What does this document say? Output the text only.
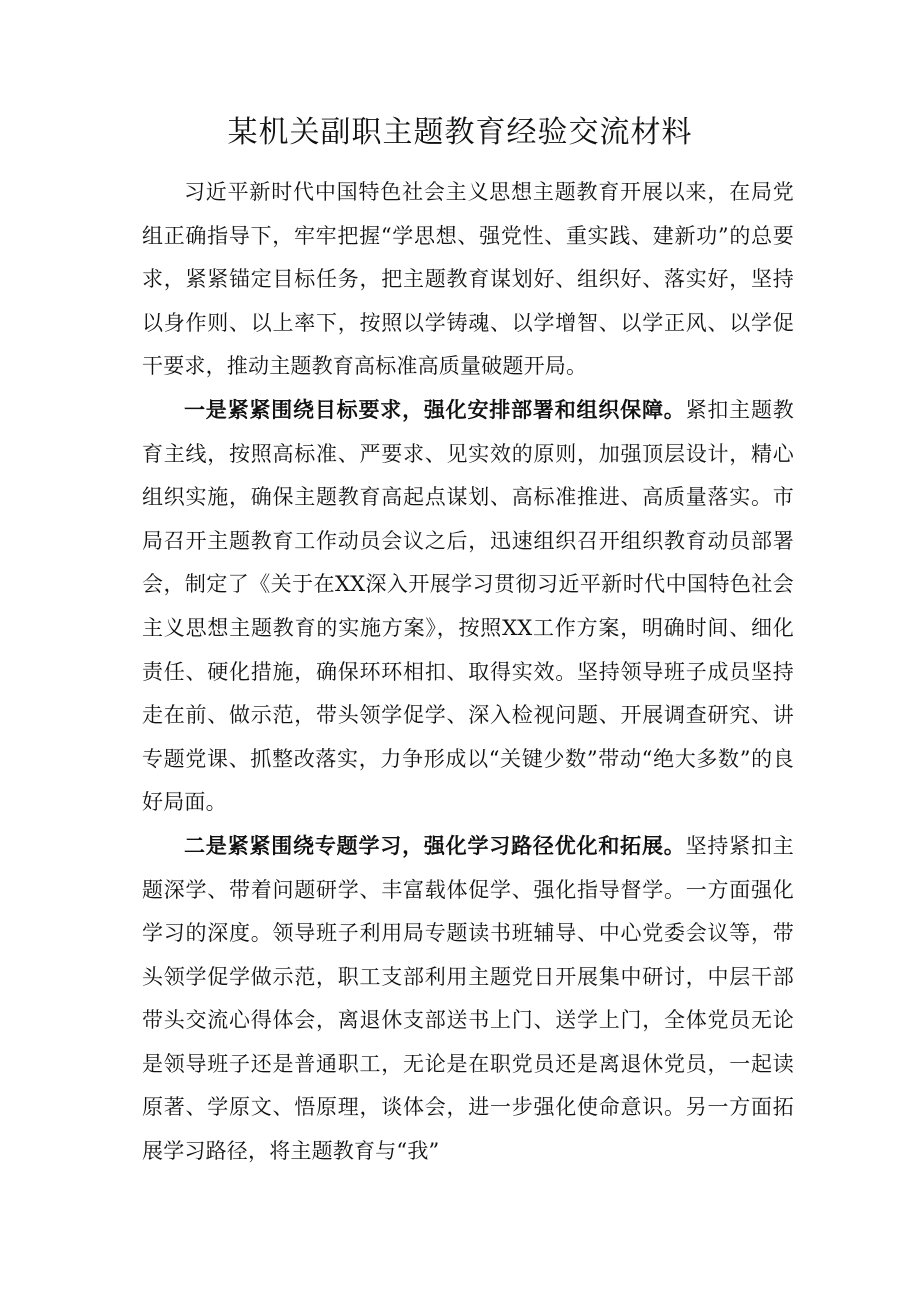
某机关副职主题教育经验交流材料

习近平新时代中国特色社会主义思想主题教育开展以来，在局党组正确指导下，牢牢把握“学思想、强党性、重实践、建新功”的总要求，紧紧锚定目标任务，把主题教育谋划好、组织好、落实好，坚持以身作则、以上率下，按照以学铸魂、以学增智、以学正风、以学促干要求，推动主题教育高标准高质量破题开局。

一是紧紧围绕目标要求，强化安排部署和组织保障。紧扣主题教育主线，按照高标准、严要求、见实效的原则，加强顶层设计，精心组织实施，确保主题教育高起点谋划、高标准推进、高质量落实。市局召开主题教育工作动员会议之后，迅速组织召开组织教育动员部署会，制定了《关于在XX深入开展学习贯彻习近平新时代中国特色社会主义思想主题教育的实施方案》，按照XX工作方案，明确时间、细化责任、硬化措施，确保环环相扣、取得实效。坚持领导班子成员坚持走在前、做示范，带头领学促学、深入检视问题、开展调查研究、讲专题党课、抓整改落实，力争形成以“关键少数”带动“绝大多数”的良好局面。

二是紧紧围绕专题学习，强化学习路径优化和拓展。坚持紧扣主题深学、带着问题研学、丰富载体促学、强化指导督学。一方面强化学习的深度。领导班子利用局专题读书班辅导、中心党委会议等，带头领学促学做示范，职工支部利用主题党日开展集中研讨，中层干部带头交流心得体会，离退休支部送书上门、送学上门，全体党员无论是领导班子还是普通职工，无论是在职党员还是离退休党员，一起读原著、学原文、悟原理，谈体会，进一步强化使命意识。另一方面拓展学习路径，将主题教育与“我”
